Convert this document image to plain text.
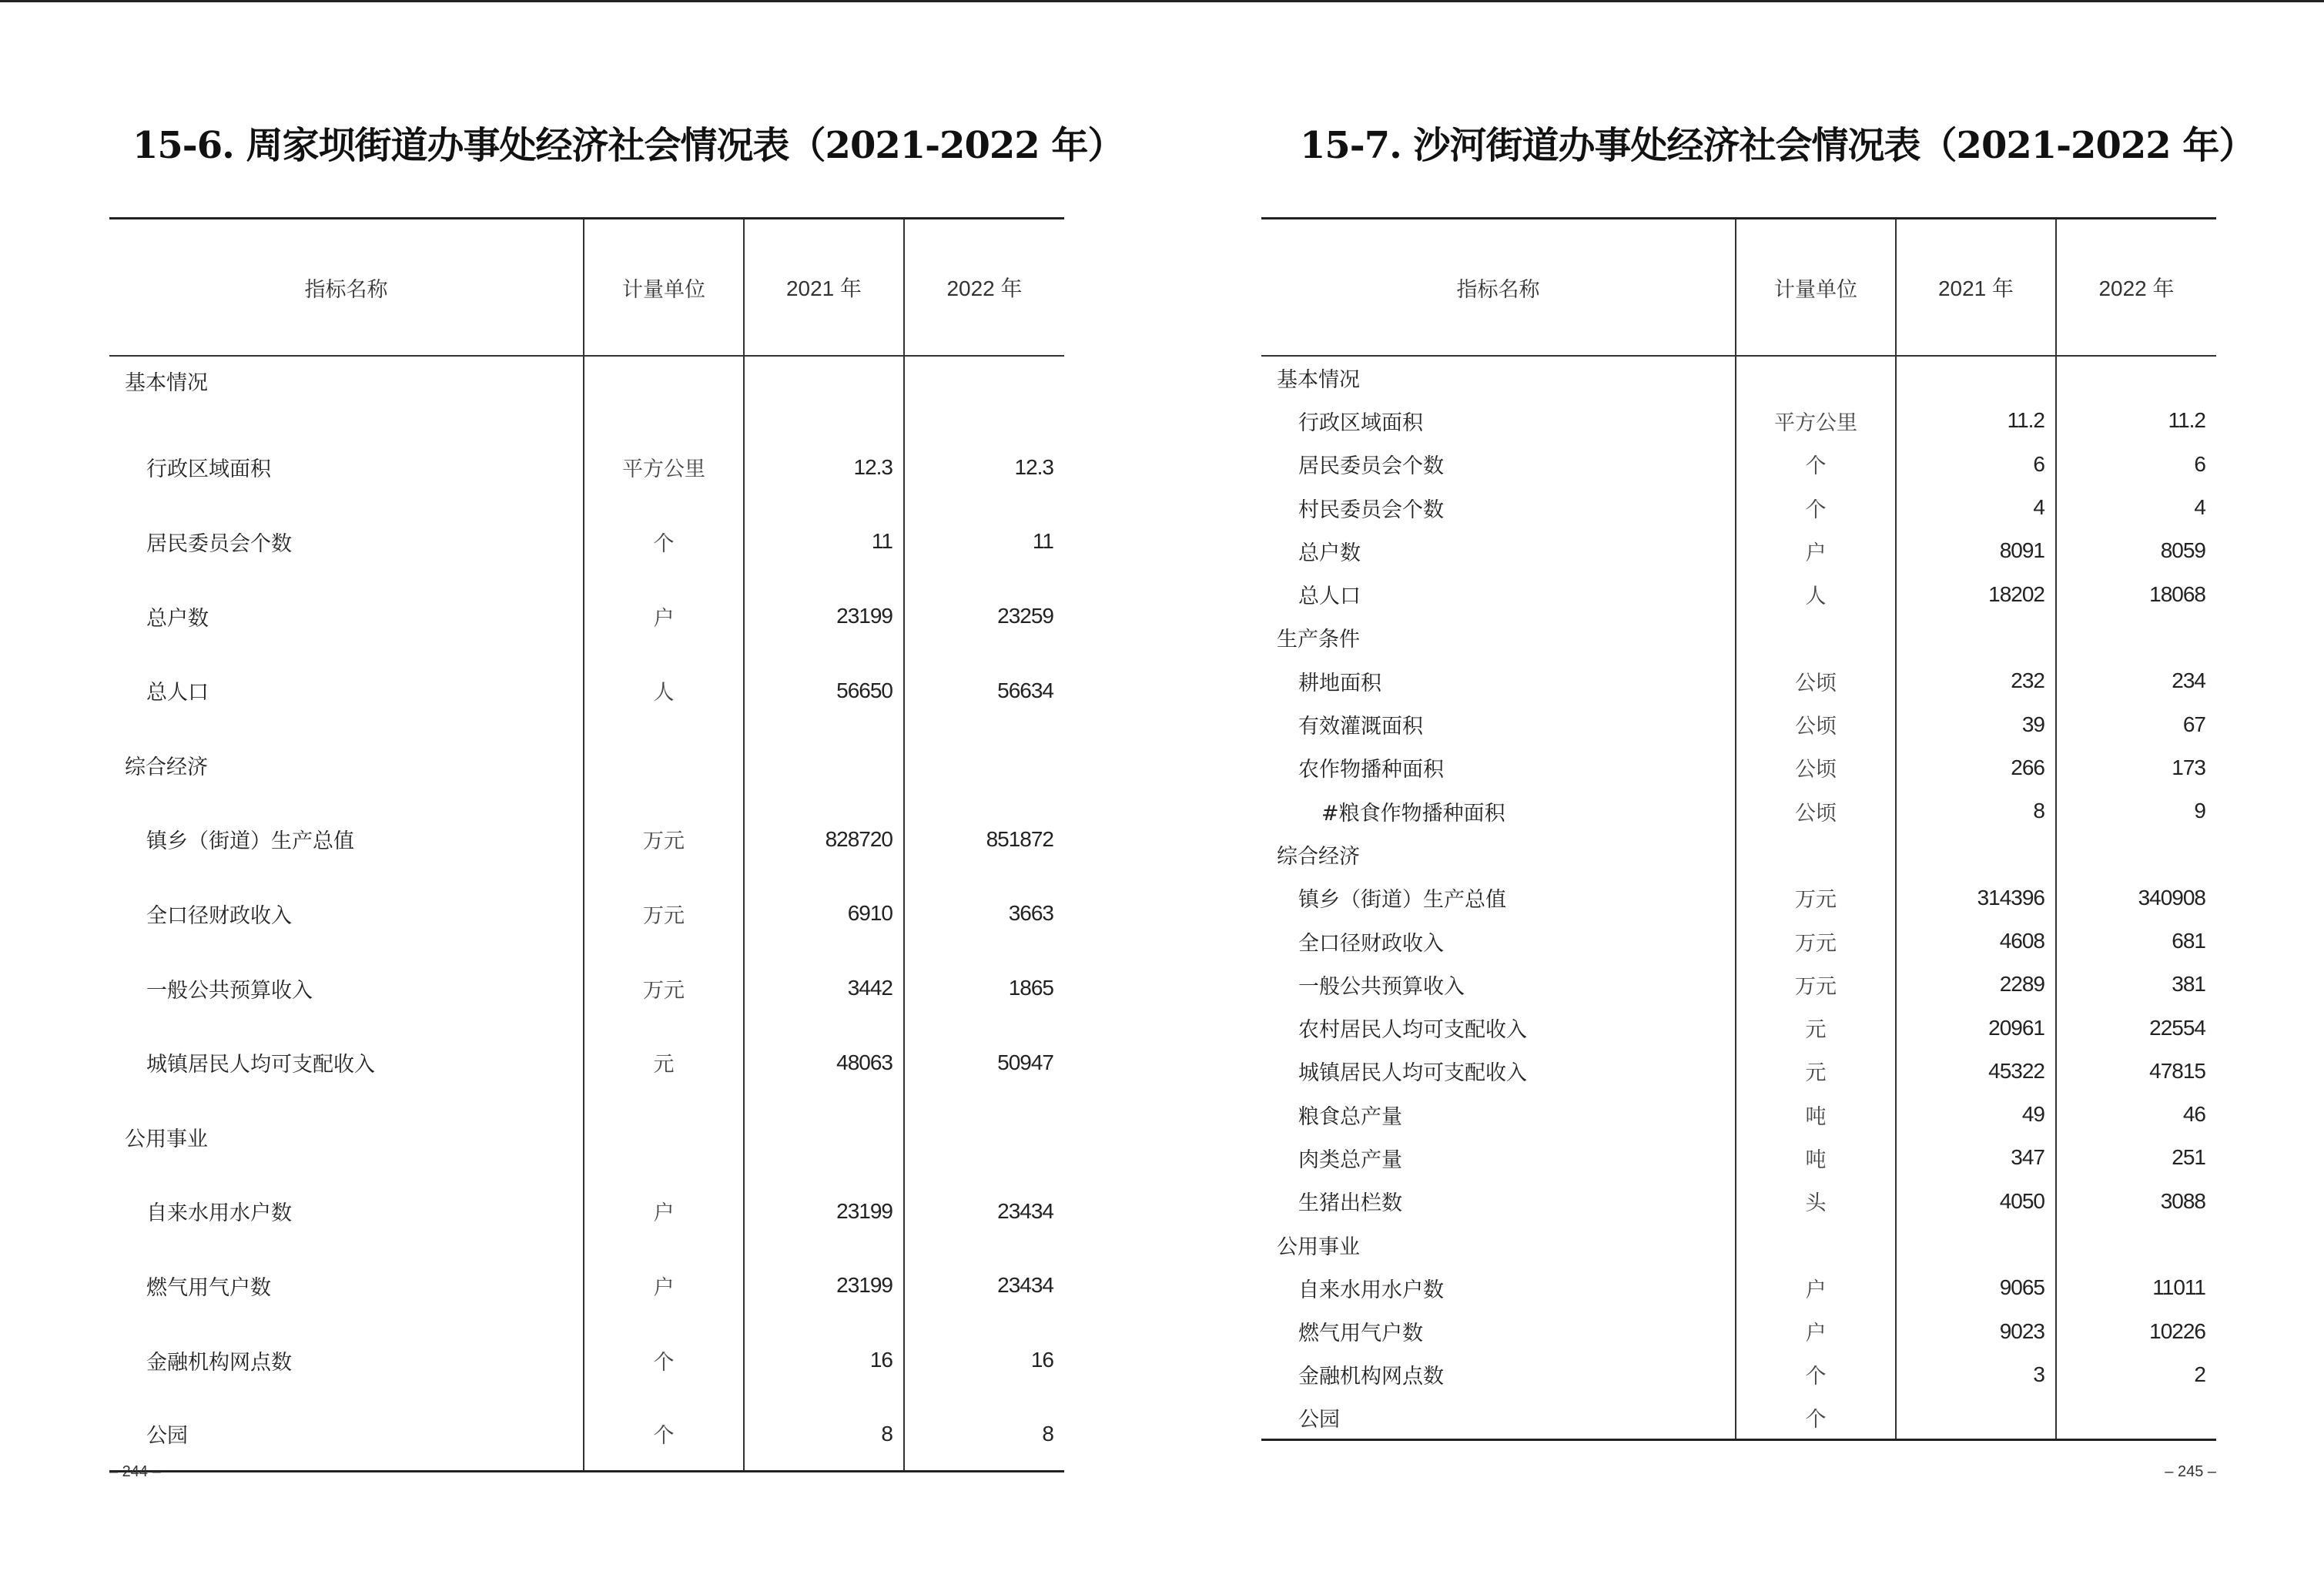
15-6. 周家坝街道办事处经济社会情况表（2021-2022 年）
指标名称	计量单位	2021 年	2022 年
基本情况			
行政区域面积	平方公里	12.3	12.3
居民委员会个数	个	11	11
总户数	户	23199	23259
总人口	人	56650	56634
综合经济			
镇乡（街道）生产总值	万元	828720	851872
全口径财政收入	万元	6910	3663
一般公共预算收入	万元	3442	1865
城镇居民人均可支配收入	元	48063	50947
公用事业			
自来水用水户数	户	23199	23434
燃气用气户数	户	23199	23434
金融机构网点数	个	16	16
公园	个	8	8
– 244 –
15-7. 沙河街道办事处经济社会情况表（2021-2022 年）
指标名称	计量单位	2021 年	2022 年
基本情况			
行政区域面积	平方公里	11.2	11.2
居民委员会个数	个	6	6
村民委员会个数	个	4	4
总户数	户	8091	8059
总人口	人	18202	18068
生产条件			
耕地面积	公顷	232	234
有效灌溉面积	公顷	39	67
农作物播种面积	公顷	266	173
#粮食作物播种面积	公顷	8	9
综合经济			
镇乡（街道）生产总值	万元	314396	340908
全口径财政收入	万元	4608	681
一般公共预算收入	万元	2289	381
农村居民人均可支配收入	元	20961	22554
城镇居民人均可支配收入	元	45322	47815
粮食总产量	吨	49	46
肉类总产量	吨	347	251
生猪出栏数	头	4050	3088
公用事业			
自来水用水户数	户	9065	11011
燃气用气户数	户	9023	10226
金融机构网点数	个	3	2
公园	个		
– 245 –
